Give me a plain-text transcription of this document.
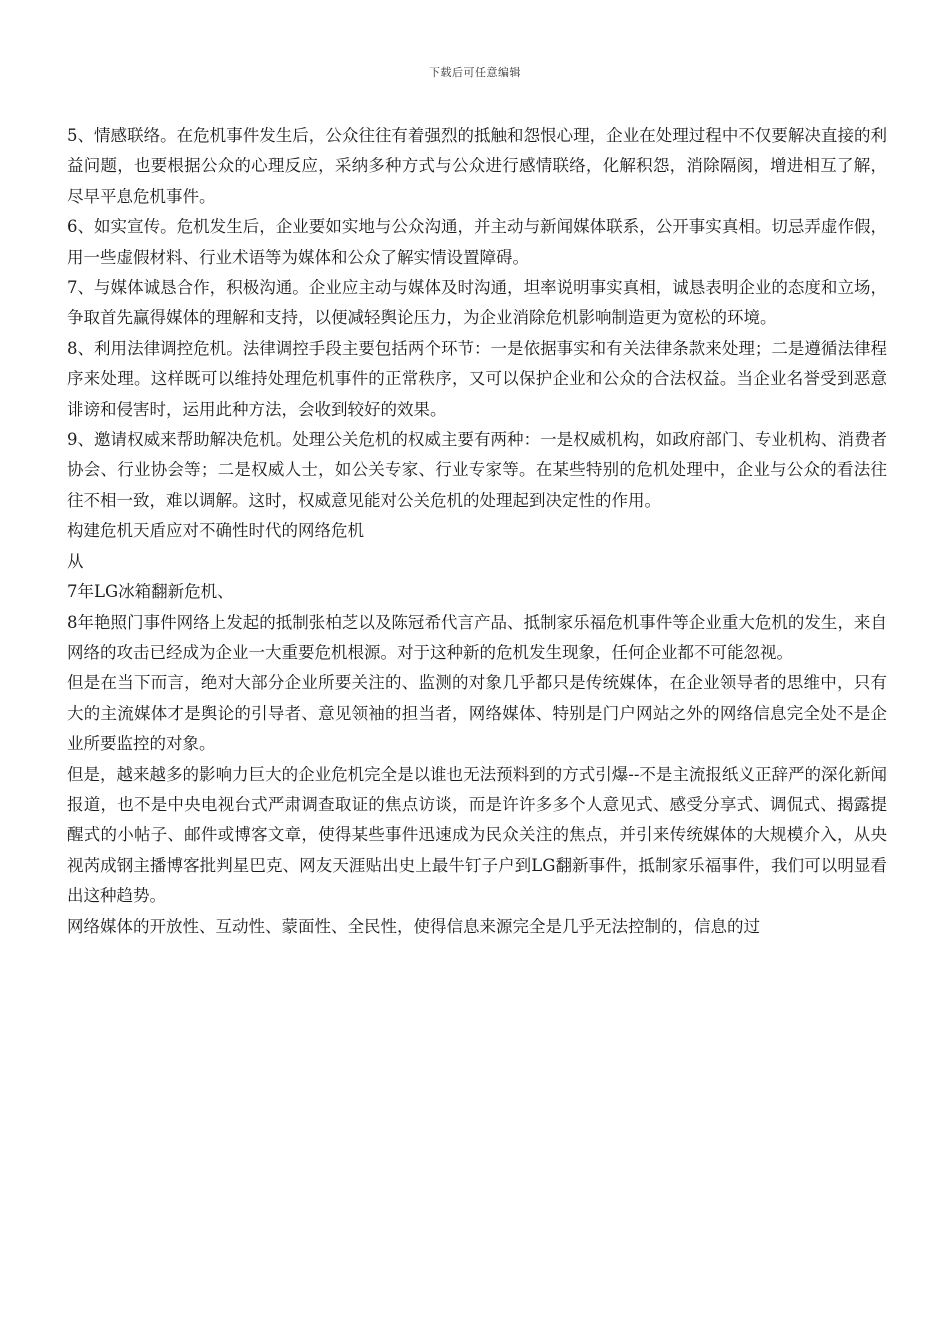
下载后可任意编辑

5、情感联络。在危机事件发生后，公众往往有着强烈的抵触和怨恨心理，企业在处理过程中不仅要解决直接的利益问题，也要根据公众的心理反应，采纳多种方式与公众进行感情联络，化解积怨，消除隔阂，增进相互了解，尽早平息危机事件。

6、如实宣传。危机发生后，企业要如实地与公众沟通，并主动与新闻媒体联系，公开事实真相。切忌弄虚作假，用一些虚假材料、行业术语等为媒体和公众了解实情设置障碍。

7、与媒体诚恳合作，积极沟通。企业应主动与媒体及时沟通，坦率说明事实真相，诚恳表明企业的态度和立场，争取首先赢得媒体的理解和支持，以便减轻舆论压力，为企业消除危机影响制造更为宽松的环境。

8、利用法律调控危机。法律调控手段主要包括两个环节：一是依据事实和有关法律条款来处理；二是遵循法律程序来处理。这样既可以维持处理危机事件的正常秩序，又可以保护企业和公众的合法权益。当企业名誉受到恶意诽谤和侵害时，运用此种方法，会收到较好的效果。

9、邀请权威来帮助解决危机。处理公关危机的权威主要有两种：一是权威机构，如政府部门、专业机构、消费者协会、行业协会等；二是权威人士，如公关专家、行业专家等。在某些特别的危机处理中，企业与公众的看法往往不相一致，难以调解。这时，权威意见能对公关危机的处理起到决定性的作用。

构建危机天盾应对不确性时代的网络危机

从

7年LG冰箱翻新危机、

8年艳照门事件网络上发起的抵制张柏芝以及陈冠希代言产品、抵制家乐福危机事件等企业重大危机的发生，来自网络的攻击已经成为企业一大重要危机根源。对于这种新的危机发生现象，任何企业都不可能忽视。

但是在当下而言，绝对大部分企业所要关注的、监测的对象几乎都只是传统媒体，在企业领导者的思维中，只有大的主流媒体才是舆论的引导者、意见领袖的担当者，网络媒体、特别是门户网站之外的网络信息完全处不是企业所要监控的对象。

但是，越来越多的影响力巨大的企业危机完全是以谁也无法预料到的方式引爆--不是主流报纸义正辞严的深化新闻报道，也不是中央电视台式严肃调查取证的焦点访谈，而是许许多多个人意见式、感受分享式、调侃式、揭露提醒式的小帖子、邮件或博客文章，使得某些事件迅速成为民众关注的焦点，并引来传统媒体的大规模介入，从央视芮成钢主播博客批判星巴克、网友天涯贴出史上最牛钉子户到LG翻新事件，抵制家乐福事件，我们可以明显看出这种趋势。

网络媒体的开放性、互动性、蒙面性、全民性，使得信息来源完全是几乎无法控制的，信息的过
